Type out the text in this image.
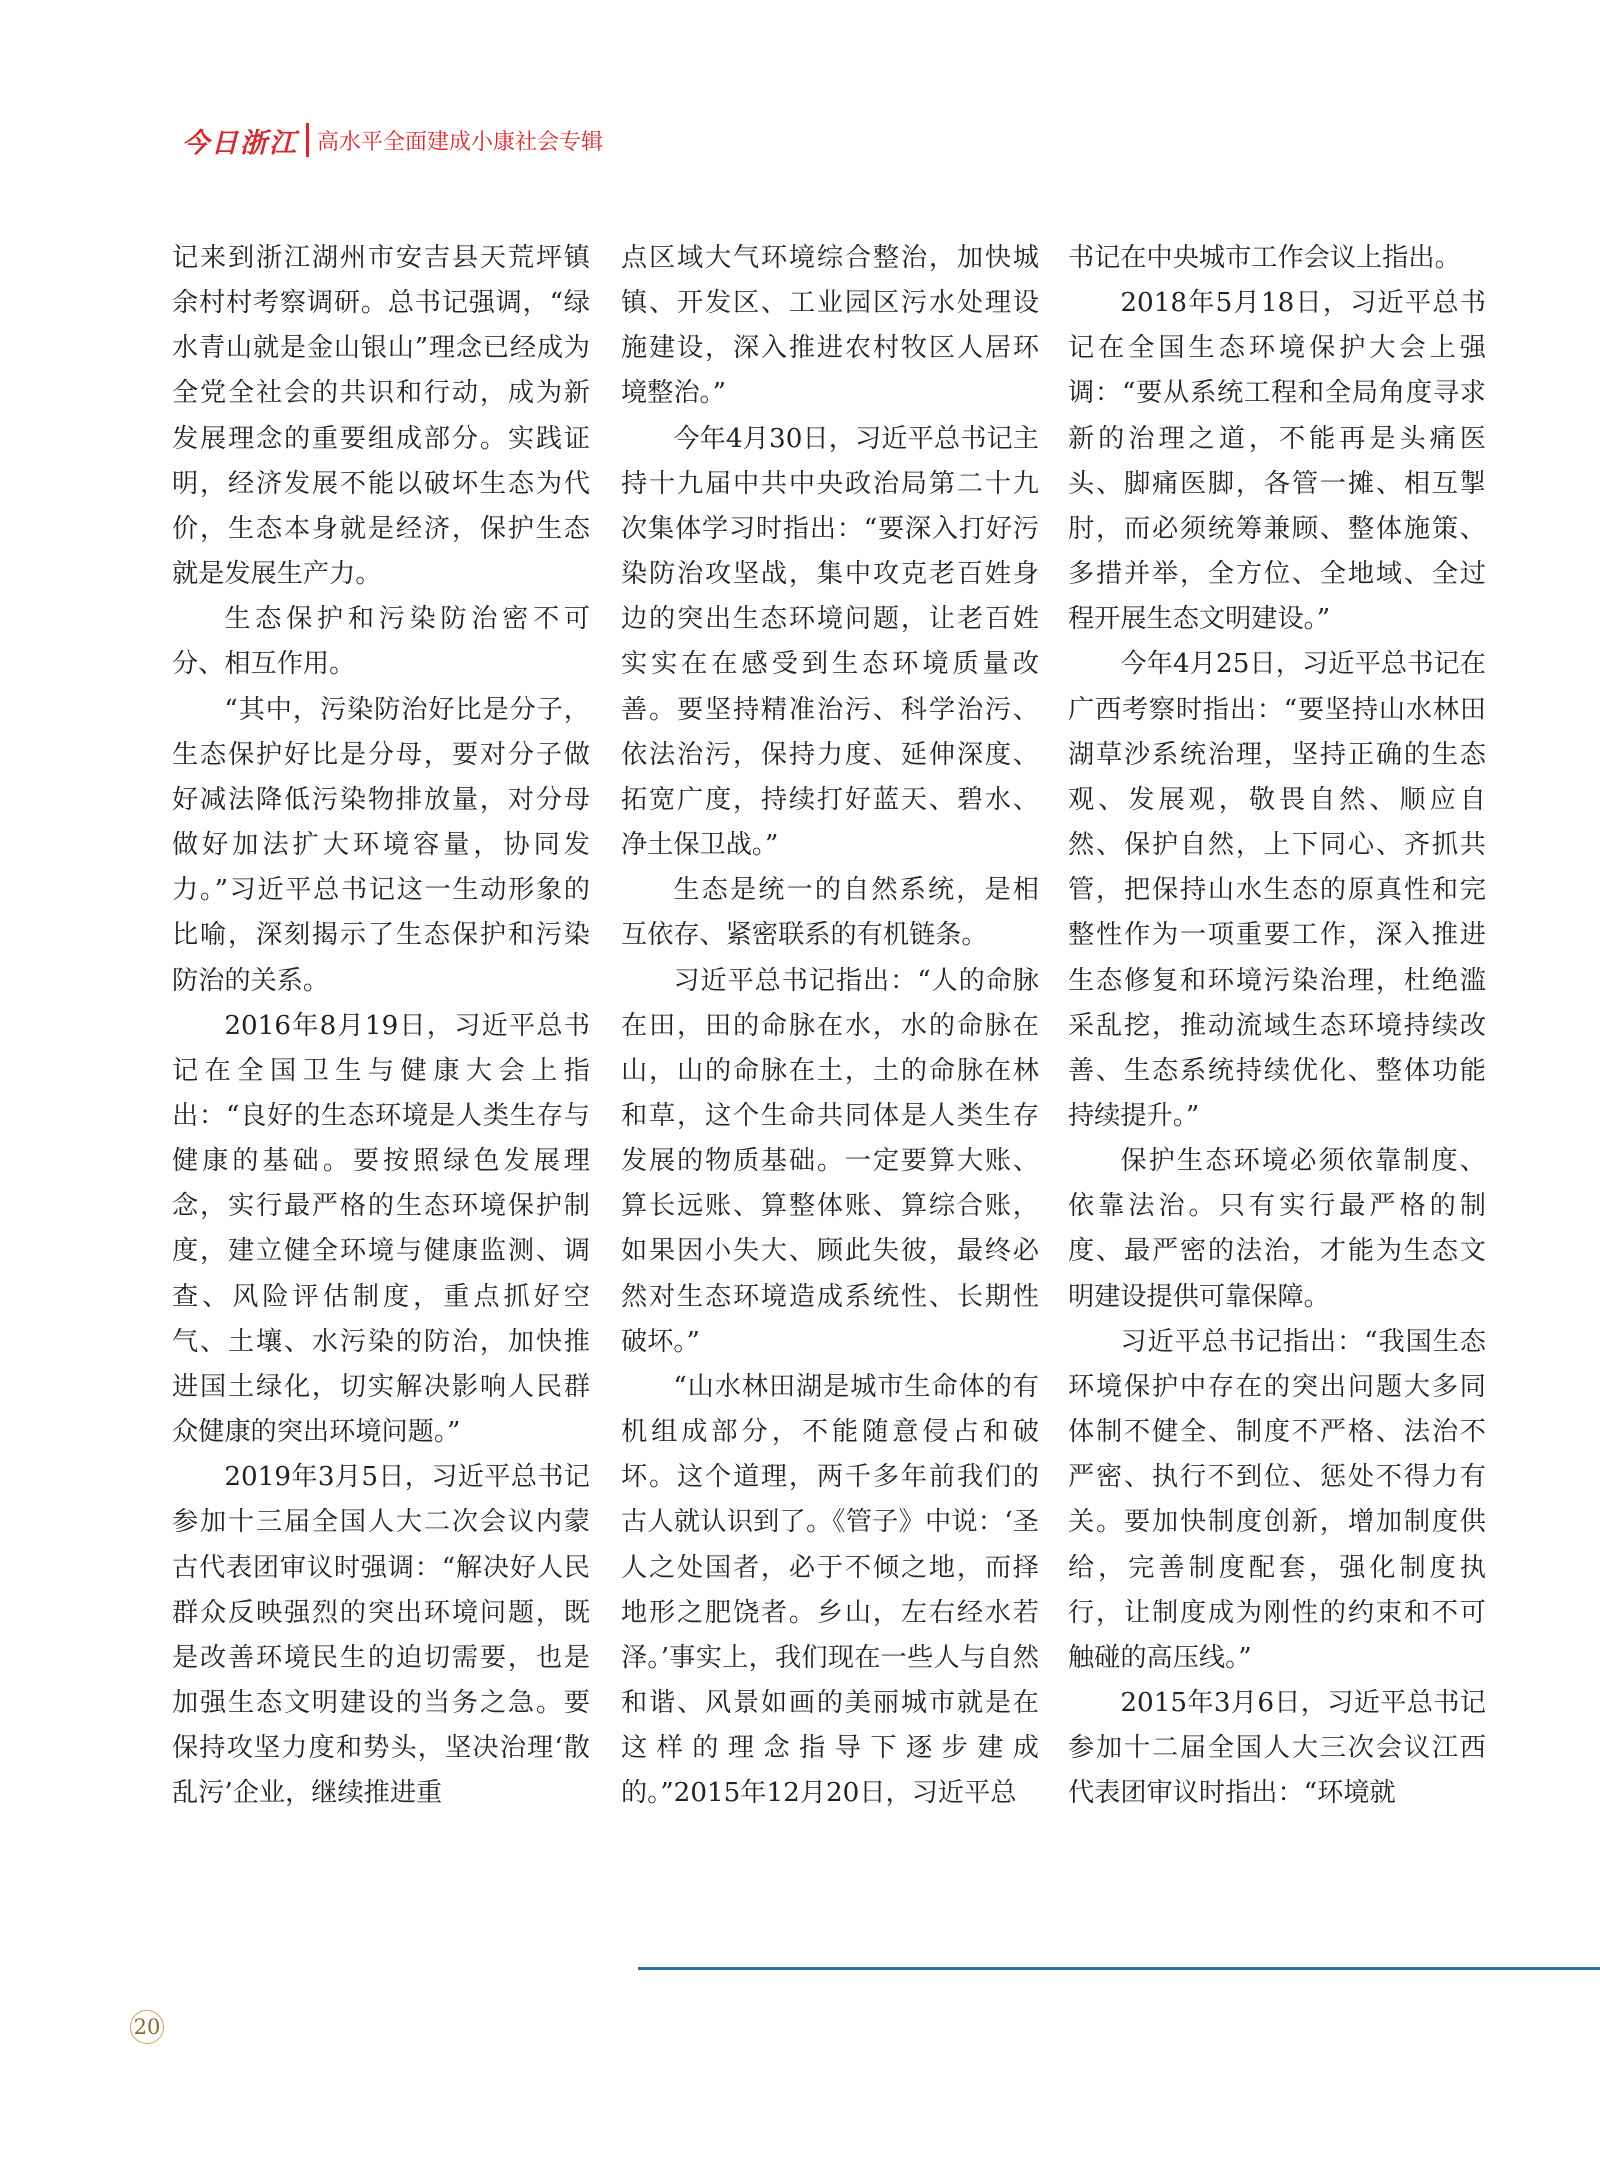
今日浙江 高水平全面建成小康社会专辑

记来到浙江湖州市安吉县天荒坪镇余村村考察调研。总书记强调，“绿水青山就是金山银山”理念已经成为全党全社会的共识和行动，成为新发展理念的重要组成部分。实践证明，经济发展不能以破坏生态为代价，生态本身就是经济，保护生态就是发展生产力。

生态保护和污染防治密不可分、相互作用。

“其中，污染防治好比是分子，生态保护好比是分母，要对分子做好减法降低污染物排放量，对分母做好加法扩大环境容量，协同发力。”习近平总书记这一生动形象的比喻，深刻揭示了生态保护和污染防治的关系。

2016年8月19日，习近平总书记在全国卫生与健康大会上指出：“良好的生态环境是人类生存与健康的基础。要按照绿色发展理念，实行最严格的生态环境保护制度，建立健全环境与健康监测、调查、风险评估制度，重点抓好空气、土壤、水污染的防治，加快推进国土绿化，切实解决影响人民群众健康的突出环境问题。”

2019年3月5日，习近平总书记参加十三届全国人大二次会议内蒙古代表团审议时强调：“解决好人民群众反映强烈的突出环境问题，既是改善环境民生的迫切需要，也是加强生态文明建设的当务之急。要保持攻坚力度和势头，坚决治理‘散乱污’企业，继续推进重

点区域大气环境综合整治，加快城镇、开发区、工业园区污水处理设施建设，深入推进农村牧区人居环境整治。”

今年4月30日，习近平总书记主持十九届中共中央政治局第二十九次集体学习时指出：“要深入打好污染防治攻坚战，集中攻克老百姓身边的突出生态环境问题，让老百姓实实在在感受到生态环境质量改善。要坚持精准治污、科学治污、依法治污，保持力度、延伸深度、拓宽广度，持续打好蓝天、碧水、净土保卫战。”

生态是统一的自然系统，是相互依存、紧密联系的有机链条。

习近平总书记指出：“人的命脉在田，田的命脉在水，水的命脉在山，山的命脉在土，土的命脉在林和草，这个生命共同体是人类生存发展的物质基础。一定要算大账、算长远账、算整体账、算综合账，如果因小失大、顾此失彼，最终必然对生态环境造成系统性、长期性破坏。”

“山水林田湖是城市生命体的有机组成部分，不能随意侵占和破坏。这个道理，两千多年前我们的古人就认识到了。《管子》中说：‘圣人之处国者，必于不倾之地，而择地形之肥饶者。乡山，左右经水若泽。’事实上，我们现在一些人与自然和谐、风景如画的美丽城市就是在这样的理念指导下逐步建成的。”2015年12月20日，习近平总

书记在中央城市工作会议上指出。

2018年5月18日，习近平总书记在全国生态环境保护大会上强调：“要从系统工程和全局角度寻求新的治理之道，不能再是头痛医头、脚痛医脚，各管一摊、相互掣肘，而必须统筹兼顾、整体施策、多措并举，全方位、全地域、全过程开展生态文明建设。”

今年4月25日，习近平总书记在广西考察时指出：“要坚持山水林田湖草沙系统治理，坚持正确的生态观、发展观，敬畏自然、顺应自然、保护自然，上下同心、齐抓共管，把保持山水生态的原真性和完整性作为一项重要工作，深入推进生态修复和环境污染治理，杜绝滥采乱挖，推动流域生态环境持续改善、生态系统持续优化、整体功能持续提升。”

保护生态环境必须依靠制度、依靠法治。只有实行最严格的制度、最严密的法治，才能为生态文明建设提供可靠保障。

习近平总书记指出：“我国生态环境保护中存在的突出问题大多同体制不健全、制度不严格、法治不严密、执行不到位、惩处不得力有关。要加快制度创新，增加制度供给，完善制度配套，强化制度执行，让制度成为刚性的约束和不可触碰的高压线。”

2015年3月6日，习近平总书记参加十二届全国人大三次会议江西代表团审议时指出：“环境就

20
